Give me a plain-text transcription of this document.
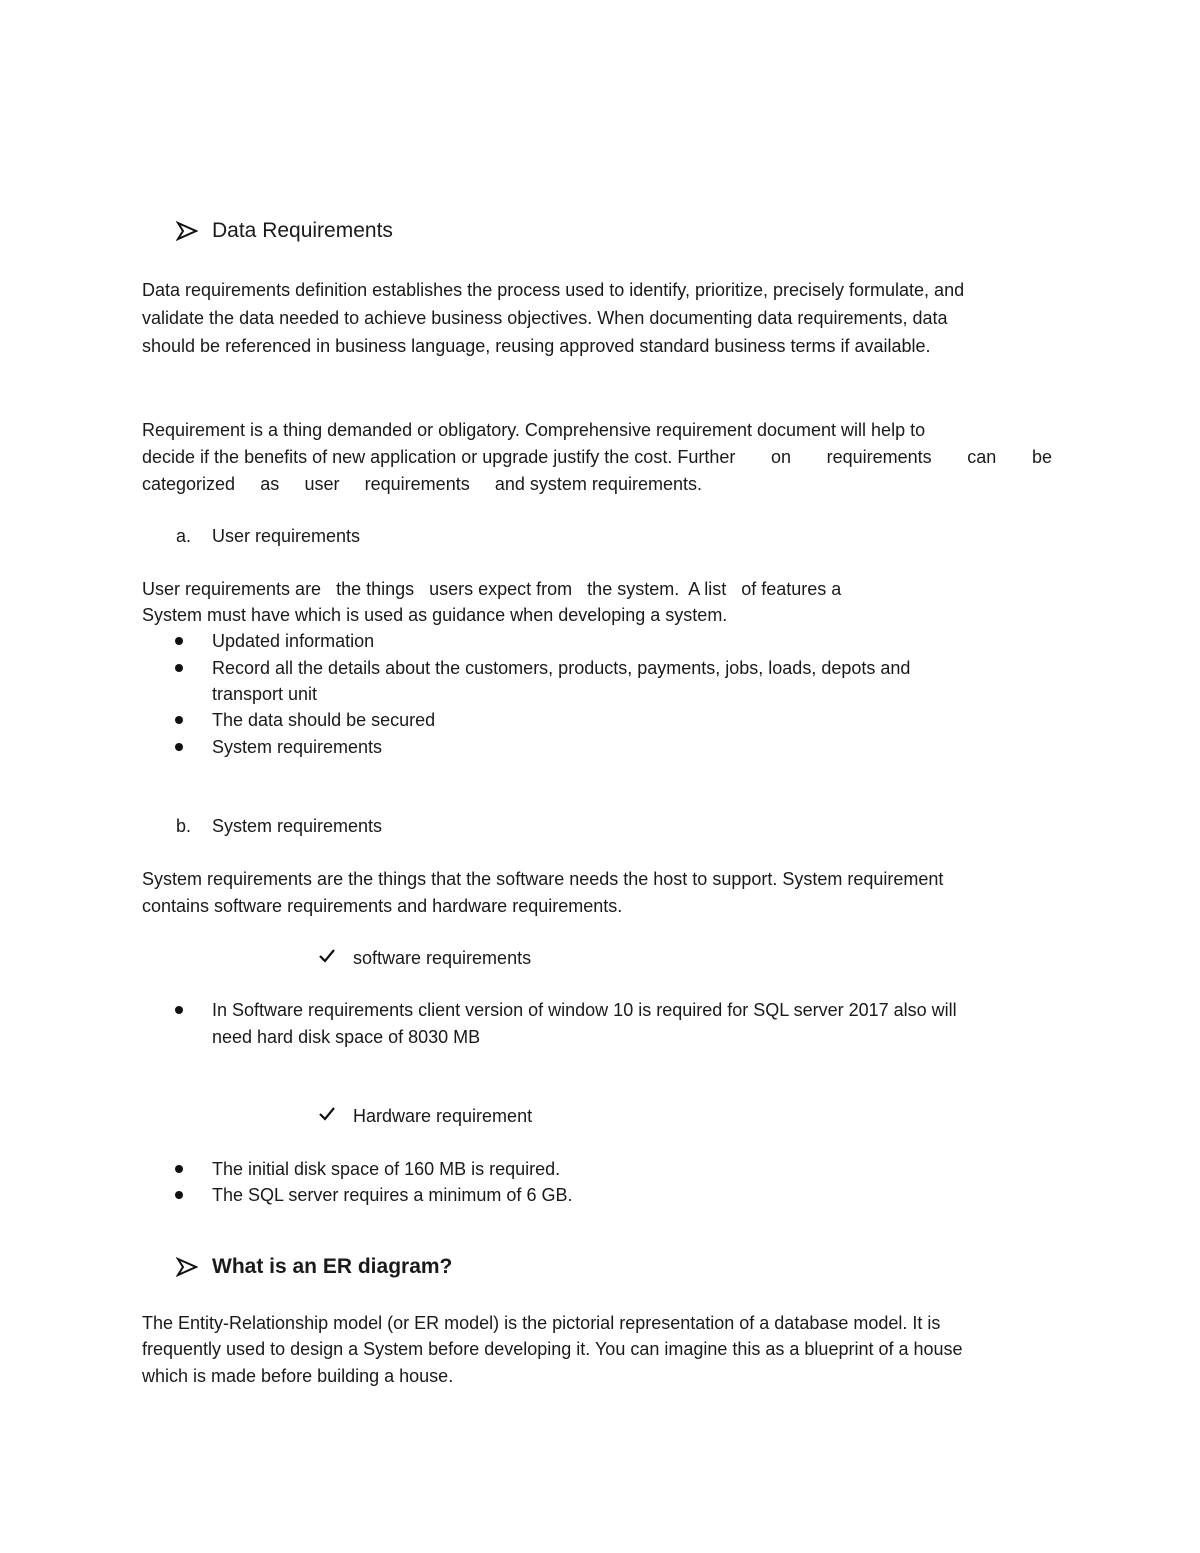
Data Requirements
Data requirements definition establishes the process used to identify, prioritize, precisely formulate, and
validate the data needed to achieve business objectives. When documenting data requirements, data
should be referenced in business language, reusing approved standard business terms if available.
Requirement is a thing demanded or obligatory. Comprehensive requirement document will help to
decide if the benefits of new application or upgrade justify the cost. Further on requirements can be
categorized as user requirements and system requirements.
a. User requirements
User requirements are   the things   users expect from   the system.  A list   of features a
System must have which is used as guidance when developing a system.
Updated information
Record all the details about the customers, products, payments, jobs, loads, depots and
transport unit
The data should be secured
System requirements
b. System requirements
System requirements are the things that the software needs the host to support. System requirement
contains software requirements and hardware requirements.
software requirements
In Software requirements client version of window 10 is required for SQL server 2017 also will
need hard disk space of 8030 MB
Hardware requirement
The initial disk space of 160 MB is required.
The SQL server requires a minimum of 6 GB.
What is an ER diagram?
The Entity-Relationship model (or ER model) is the pictorial representation of a database model. It is
frequently used to design a System before developing it. You can imagine this as a blueprint of a house
which is made before building a house.
